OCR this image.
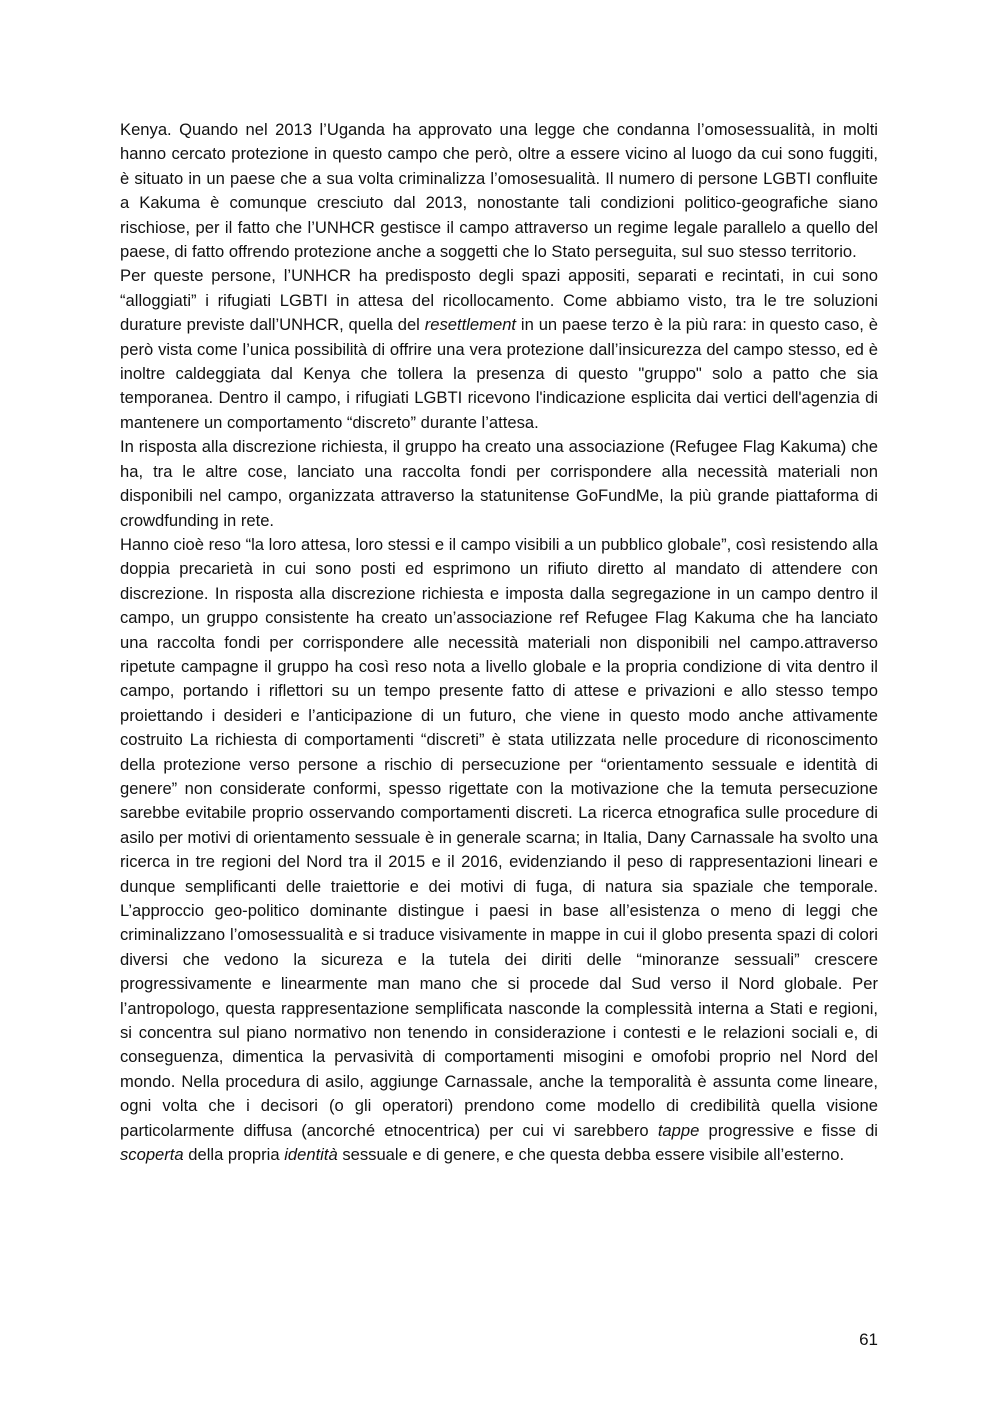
Kenya. Quando nel 2013 l’Uganda ha approvato una legge che condanna l’omosessualità, in molti hanno cercato protezione in questo campo che però, oltre a essere vicino al luogo da cui sono fuggiti, è situato in un paese che a sua volta criminalizza l’omosesualità. Il numero di persone LGBTI confluite a Kakuma è comunque cresciuto dal 2013, nonostante tali condizioni politico-geografiche siano rischiose, per il fatto che l’UNHCR gestisce il campo attraverso un regime legale parallelo a quello del paese, di fatto offrendo protezione anche a soggetti che lo Stato perseguita, sul suo stesso territorio.

Per queste persone, l’UNHCR ha predisposto degli spazi appositi, separati e recintati, in cui sono “alloggiati” i rifugiati LGBTI in attesa del ricollocamento. Come abbiamo visto, tra le tre soluzioni durature previste dall’UNHCR, quella del resettlement in un paese terzo è la più rara: in questo caso, è però vista come l’unica possibilità di offrire una vera protezione dall’insicurezza del campo stesso, ed è inoltre caldeggiata dal Kenya che tollera la presenza di questo "gruppo" solo a patto che sia temporanea. Dentro il campo, i rifugiati LGBTI ricevono l'indicazione esplicita dai vertici dell'agenzia di mantenere un comportamento “discreto” durante l’attesa.

In risposta alla discrezione richiesta, il gruppo ha creato una associazione (Refugee Flag Kakuma) che ha, tra le altre cose, lanciato una raccolta fondi per corrispondere alla necessità materiali non disponibili nel campo, organizzata attraverso la statunitense GoFundMe, la più grande piattaforma di crowdfunding in rete.

Hanno cioè reso “la loro attesa, loro stessi e il campo visibili a un pubblico globale”, così resistendo alla doppia precarietà in cui sono posti ed esprimono un rifiuto diretto al mandato di attendere con discrezione. In risposta alla discrezione richiesta e imposta dalla segregazione in un campo dentro il campo, un gruppo consistente ha creato un’associazione ref Refugee Flag Kakuma che ha lanciato una raccolta fondi per corrispondere alle necessità materiali non disponibili nel campo.attraverso ripetute campagne il gruppo ha così reso nota a livello globale e la propria condizione di vita dentro il campo, portando i riflettori su un tempo presente fatto di attese e privazioni e allo stesso tempo proiettando i desideri e l’anticipazione di un futuro, che viene in questo modo anche attivamente costruito La richiesta di comportamenti “discreti” è stata utilizzata nelle procedure di riconoscimento della protezione verso persone a rischio di persecuzione per “orientamento sessuale e identità di genere” non considerate conformi, spesso rigettate con la motivazione che la temuta persecuzione sarebbe evitabile proprio osservando comportamenti discreti. La ricerca etnografica sulle procedure di asilo per motivi di orientamento sessuale è in generale scarna; in Italia, Dany Carnassale ha svolto una ricerca in tre regioni del Nord tra il 2015 e il 2016, evidenziando il peso di rappresentazioni lineari e dunque semplificanti delle traiettorie e dei motivi di fuga, di natura sia spaziale che temporale. L’approccio geo-politico dominante distingue i paesi in base all’esistenza o meno di leggi che criminalizzano l’omosessualità e si traduce visivamente in mappe in cui il globo presenta spazi di colori diversi che vedono la sicureza e la tutela dei diriti delle “minoranze sessuali” crescere progressivamente e linearmente man mano che si procede dal Sud verso il Nord globale. Per l’antropologo, questa rappresentazione semplificata nasconde la complessità interna a Stati e regioni, si concentra sul piano normativo non tenendo in considerazione i contesti e le relazioni sociali e, di conseguenza, dimentica la pervasività di comportamenti misogini e omofobi proprio nel Nord del mondo. Nella procedura di asilo, aggiunge Carnassale, anche la temporalità è assunta come lineare, ogni volta che i decisori (o gli operatori) prendono come modello di credibilità quella visione particolarmente diffusa (ancorché etnocentrica) per cui vi sarebbero tappe progressive e fisse di scoperta della propria identità sessuale e di genere, e che questa debba essere visibile all’esterno.

61
